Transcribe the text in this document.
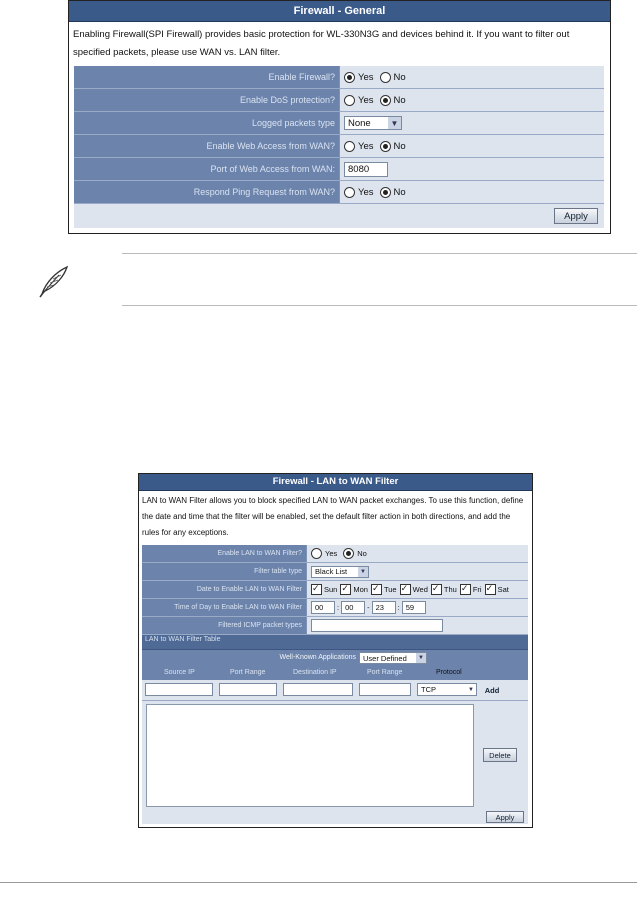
Firewall - General
Enabling Firewall(SPI Firewall) provides basic protection for WL-330N3G and devices behind it. If you want to filter out specified packets, please use WAN vs. LAN filter.
Enable Firewall?	Yes No
Enable DoS protection?	Yes No
Logged packets type	None	▼
Enable Web Access from WAN?	Yes No
Port of Web Access from WAN:	8080
Respond Ping Request from WAN?	Yes No
Apply
Firewall - LAN to WAN Filter
LAN to WAN Filter allows you to block specified LAN to WAN packet exchanges. To use this function, define the date and time that the filter will be enabled, set the default filter action in both directions, and add the rules for any exceptions.
Enable LAN to WAN Filter?	Yes	No
Filter table type	Black List	▼
Date to Enable LAN to WAN Filter ✓	Sun ✓ Mon ✓ Tue ✓ Wed ✓ Thu ✓ Fri ✓ Sat
Time of Day to Enable LAN to WAN Filter	00	: 00	- 23	: 59
Filtered ICMP packet types
LAN to WAN Filter Table
Well-Known Applications User Defined	▼
Source IP	Port Range	Destination IP	Port Range	Protocol
TCP	▼	Add
Delete
Apply
